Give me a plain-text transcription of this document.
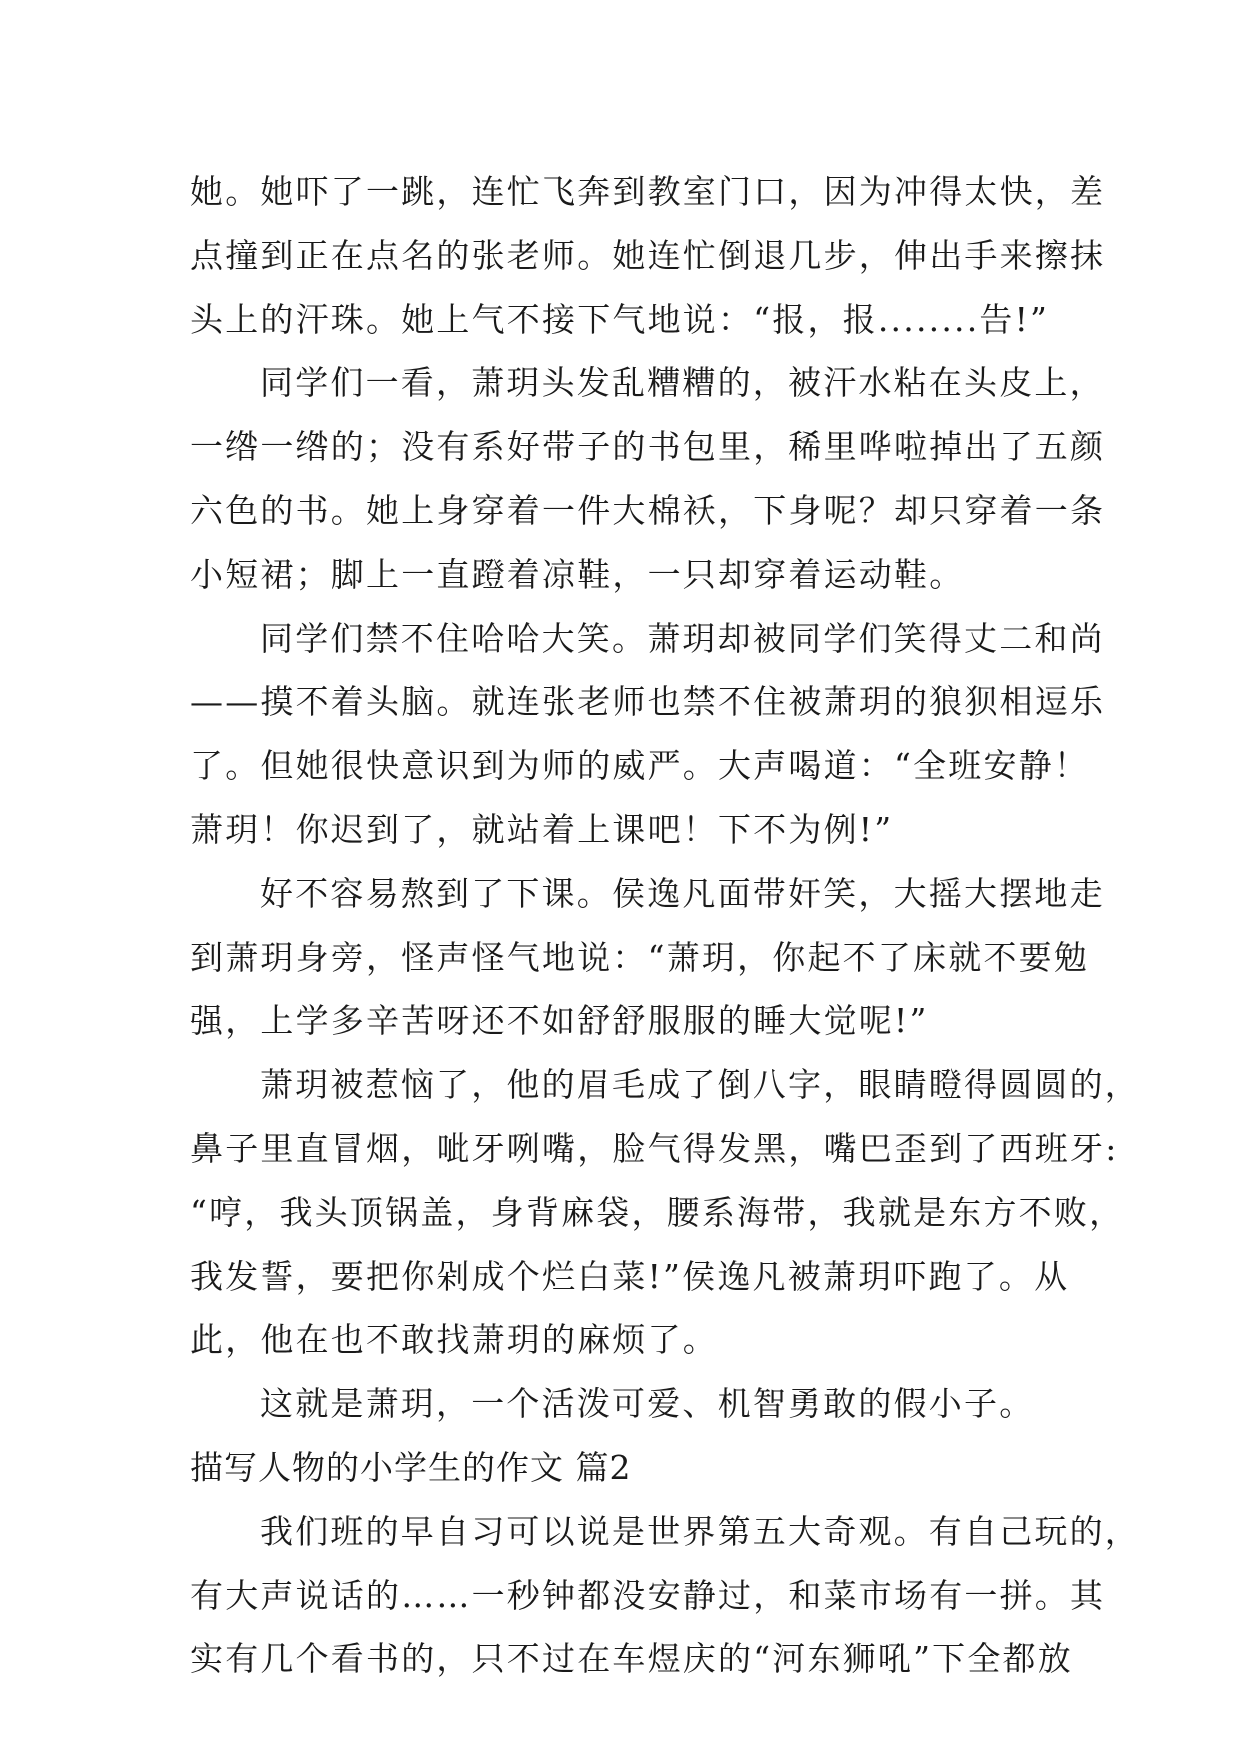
她。她吓了一跳，连忙飞奔到教室门口，因为冲得太快，差
点撞到正在点名的张老师。她连忙倒退几步，伸出手来擦抹
头上的汗珠。她上气不接下气地说：“报，报........告!”
同学们一看，萧玥头发乱糟糟的，被汗水粘在头皮上，
一绺一绺的；没有系好带子的书包里，稀里哗啦掉出了五颜
六色的书。她上身穿着一件大棉袄，下身呢？却只穿着一条
小短裙；脚上一直蹬着凉鞋，一只却穿着运动鞋。
同学们禁不住哈哈大笑。萧玥却被同学们笑得丈二和尚
——摸不着头脑。就连张老师也禁不住被萧玥的狼狈相逗乐
了。但她很快意识到为师的威严。大声喝道：“全班安静！
萧玥！你迟到了，就站着上课吧！下不为例!”
好不容易熬到了下课。侯逸凡面带奸笑，大摇大摆地走
到萧玥身旁，怪声怪气地说：“萧玥，你起不了床就不要勉
强，上学多辛苦呀还不如舒舒服服的睡大觉呢!”
萧玥被惹恼了，他的眉毛成了倒八字，眼睛瞪得圆圆的，
鼻子里直冒烟，呲牙咧嘴，脸气得发黑，嘴巴歪到了西班牙:
“哼，我头顶锅盖，身背麻袋，腰系海带，我就是东方不败，
我发誓，要把你剁成个烂白菜!”侯逸凡被萧玥吓跑了。从
此，他在也不敢找萧玥的麻烦了。
这就是萧玥，一个活泼可爱、机智勇敢的假小子。
描写人物的小学生的作文 篇2
我们班的早自习可以说是世界第五大奇观。有自己玩的，
有大声说话的……一秒钟都没安静过，和菜市场有一拼。其
实有几个看书的，只不过在车煜庆的“河东狮吼”下全都放
